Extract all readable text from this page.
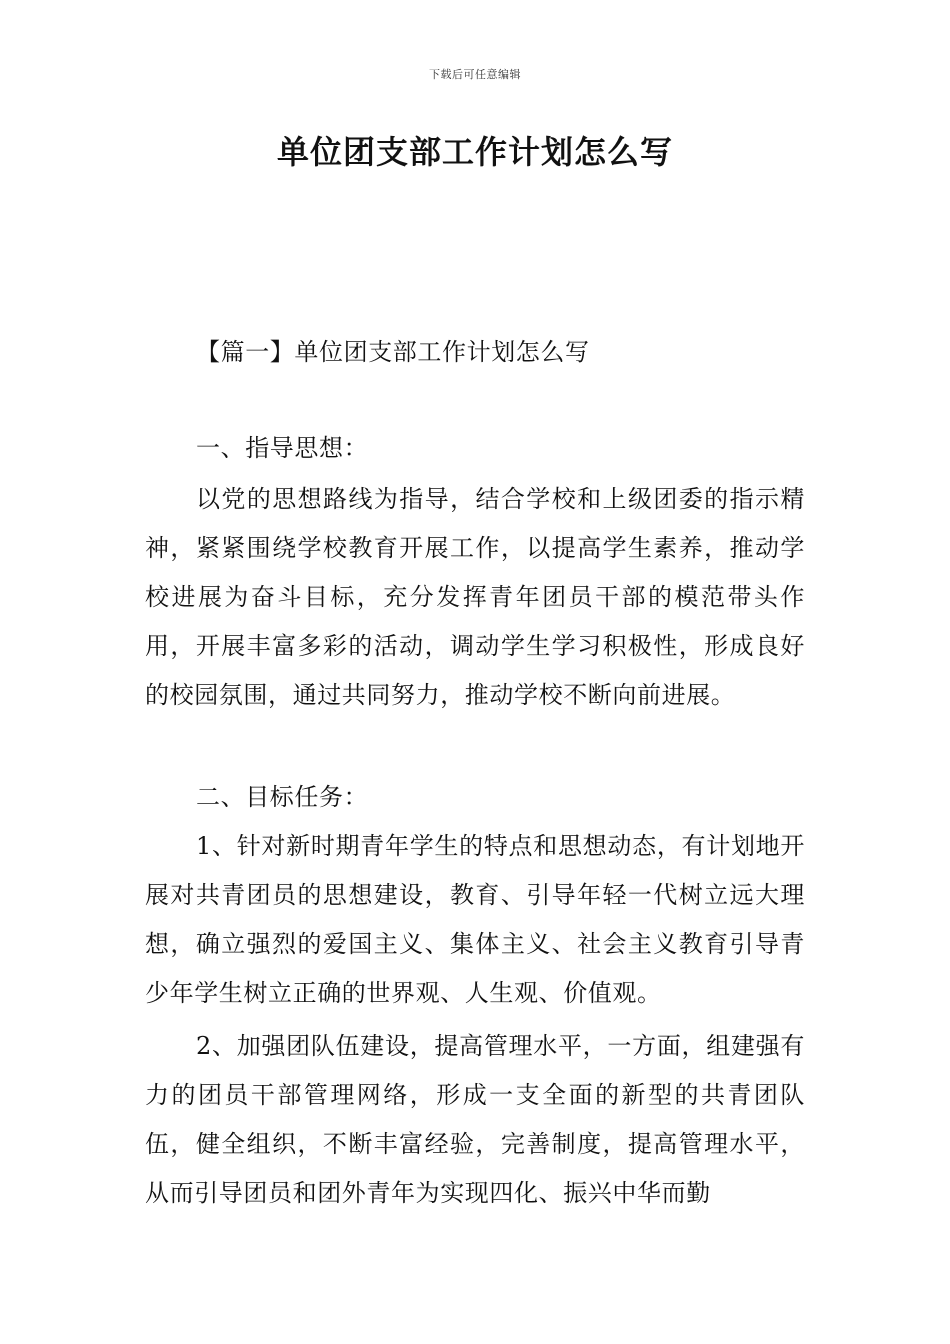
下载后可任意编辑
单位团支部工作计划怎么写
【篇一】单位团支部工作计划怎么写
一、指导思想：
以党的思想路线为指导，结合学校和上级团委的指示精神，紧紧围绕学校教育开展工作，以提高学生素养，推动学校进展为奋斗目标，充分发挥青年团员干部的模范带头作用，开展丰富多彩的活动，调动学生学习积极性，形成良好的校园氛围，通过共同努力，推动学校不断向前进展。
二、目标任务：
1、针对新时期青年学生的特点和思想动态，有计划地开展对共青团员的思想建设，教育、引导年轻一代树立远大理想，确立强烈的爱国主义、集体主义、社会主义教育引导青少年学生树立正确的世界观、人生观、价值观。
2、加强团队伍建设，提高管理水平，一方面，组建强有力的团员干部管理网络，形成一支全面的新型的共青团队伍，健全组织，不断丰富经验，完善制度，提高管理水平，从而引导团员和团外青年为实现四化、振兴中华而勤
